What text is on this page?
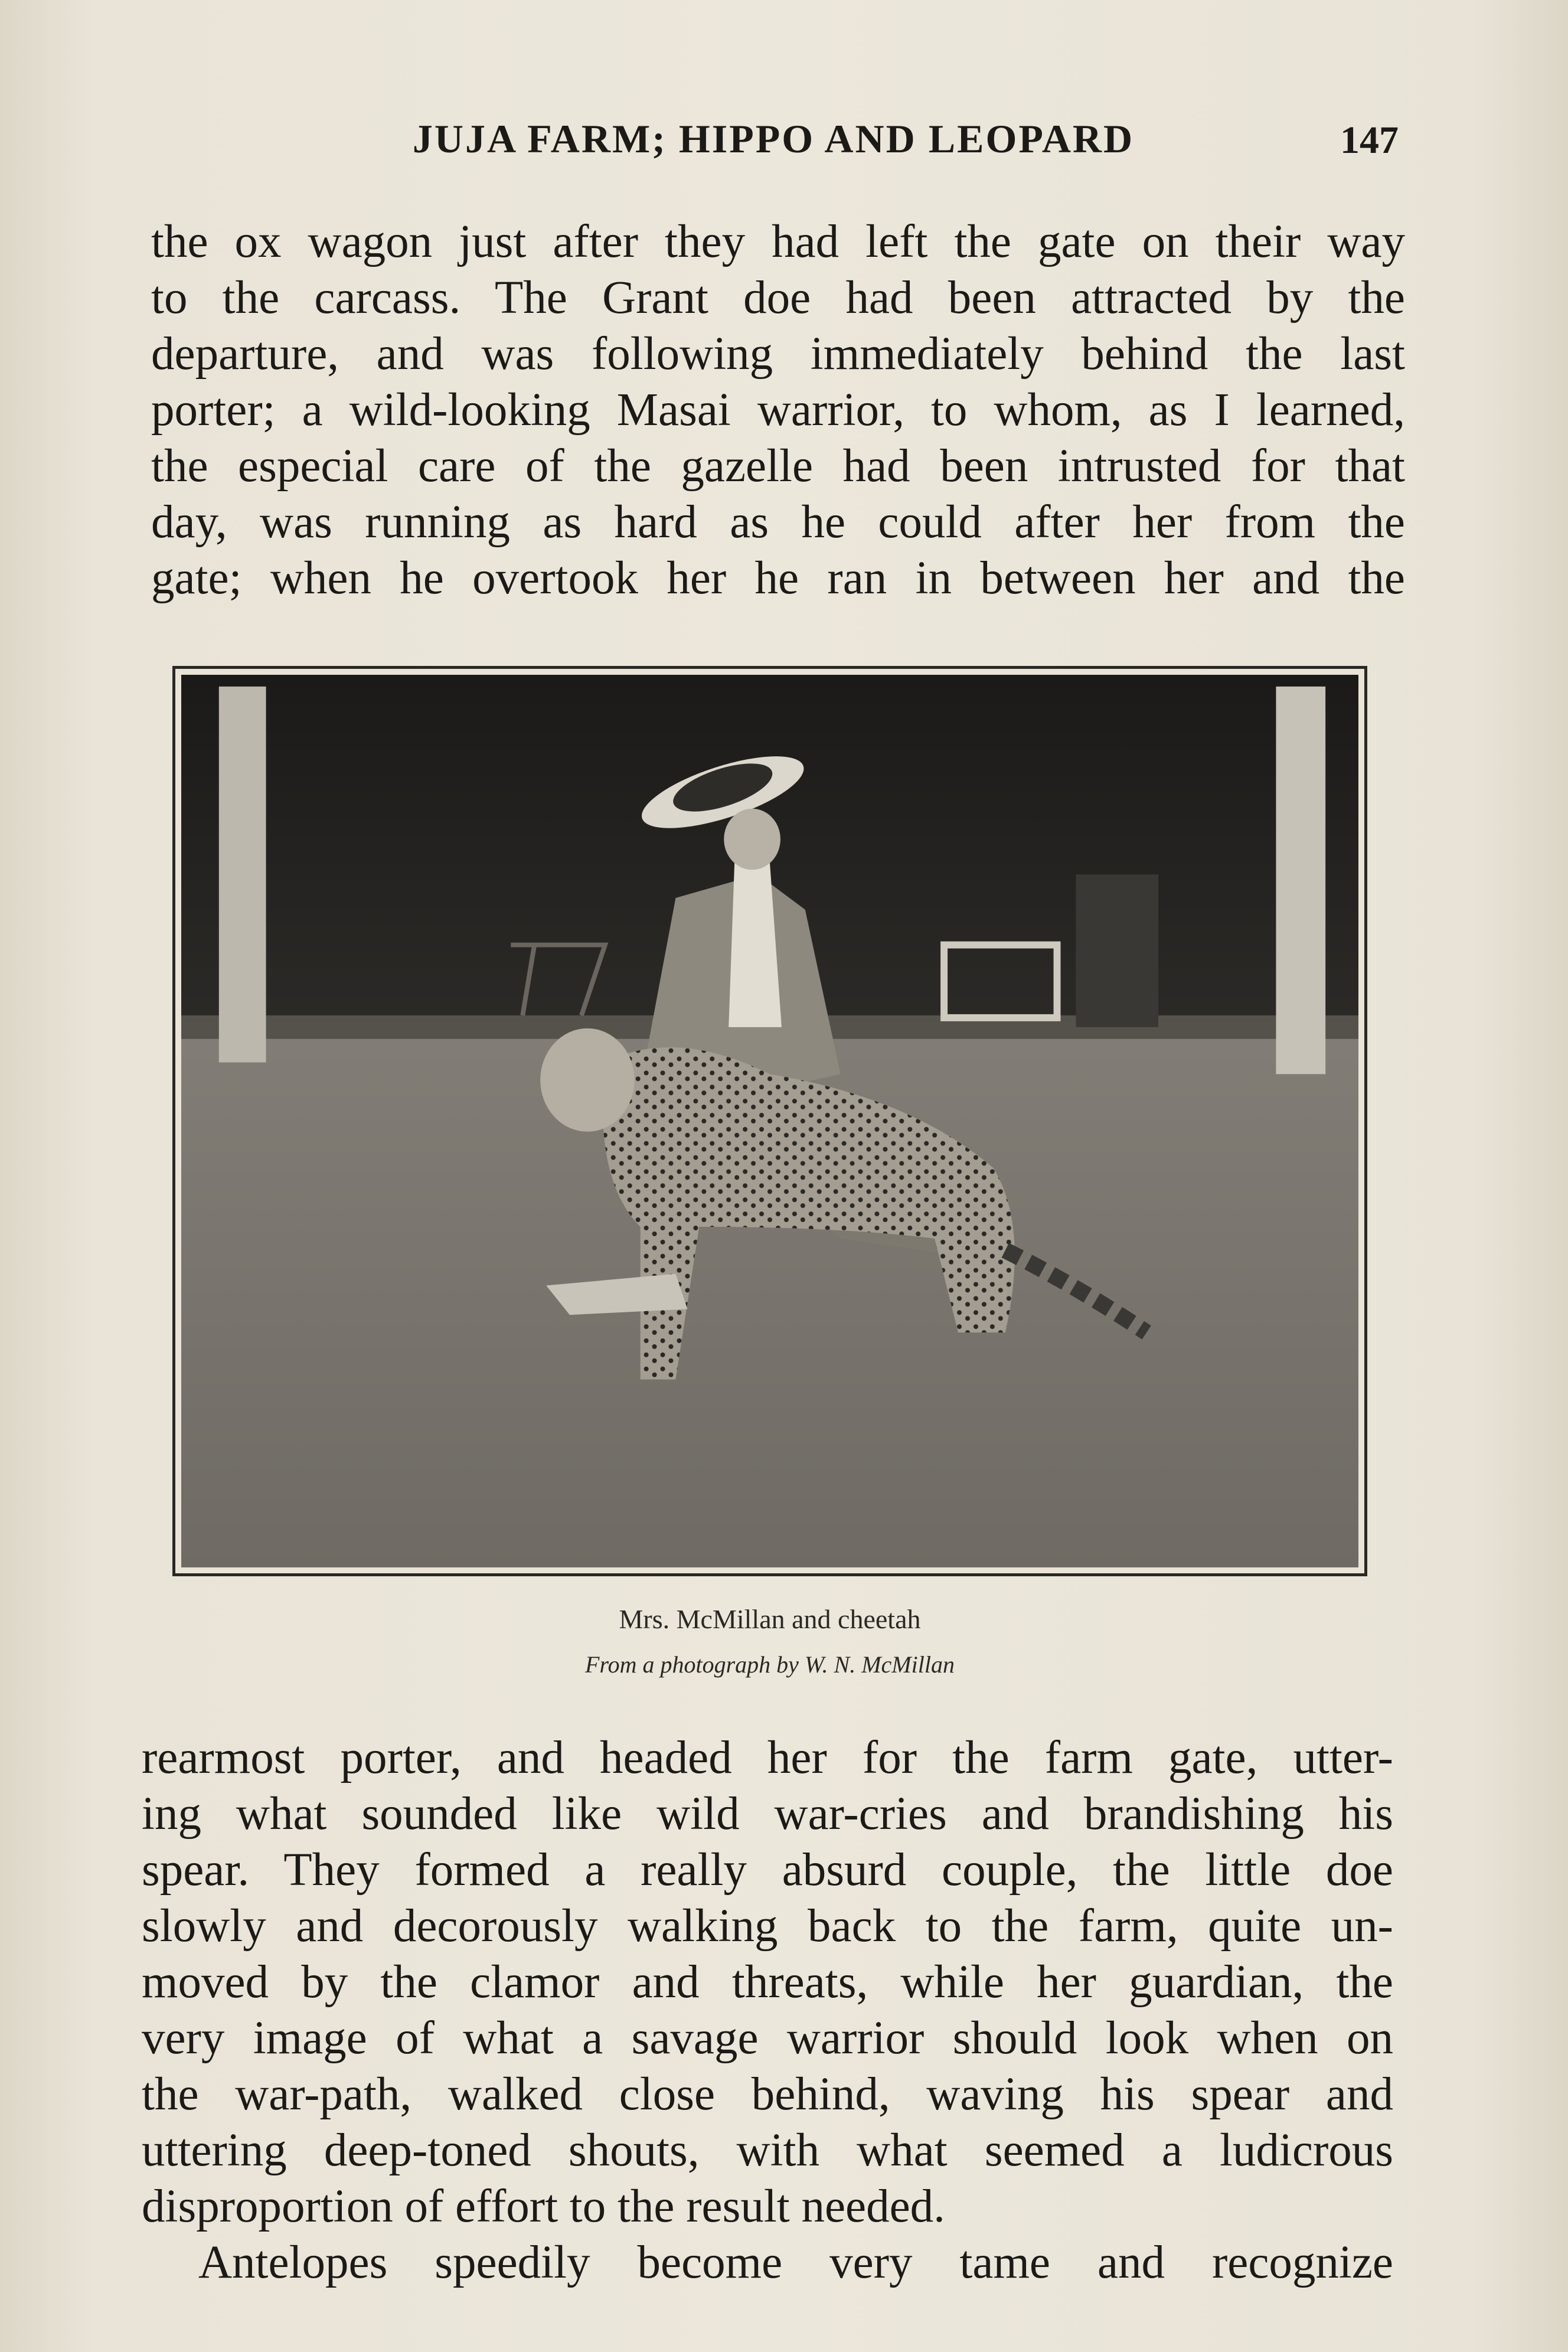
JUJA FARM; HIPPO AND LEOPARD	147

the ox wagon just after they had left the gate on their way
to the carcass. The Grant doe had been attracted by the
departure, and was following immediately behind the last
porter; a wild-looking Masai warrior, to whom, as I learned,
the especial care of the gazelle had been intrusted for that
day, was running as hard as he could after her from the
gate; when he overtook her he ran in between her and the

Mrs. McMillan and cheetah
From a photograph by W. N. McMillan

rearmost porter, and headed her for the farm gate, utter-
ing what sounded like wild war-cries and brandishing his
spear. They formed a really absurd couple, the little doe
slowly and decorously walking back to the farm, quite un-
moved by the clamor and threats, while her guardian, the
very image of what a savage warrior should look when on
the war-path, walked close behind, waving his spear and
uttering deep-toned shouts, with what seemed a ludicrous
disproportion of effort to the result needed.

Antelopes speedily become very tame and recognize
